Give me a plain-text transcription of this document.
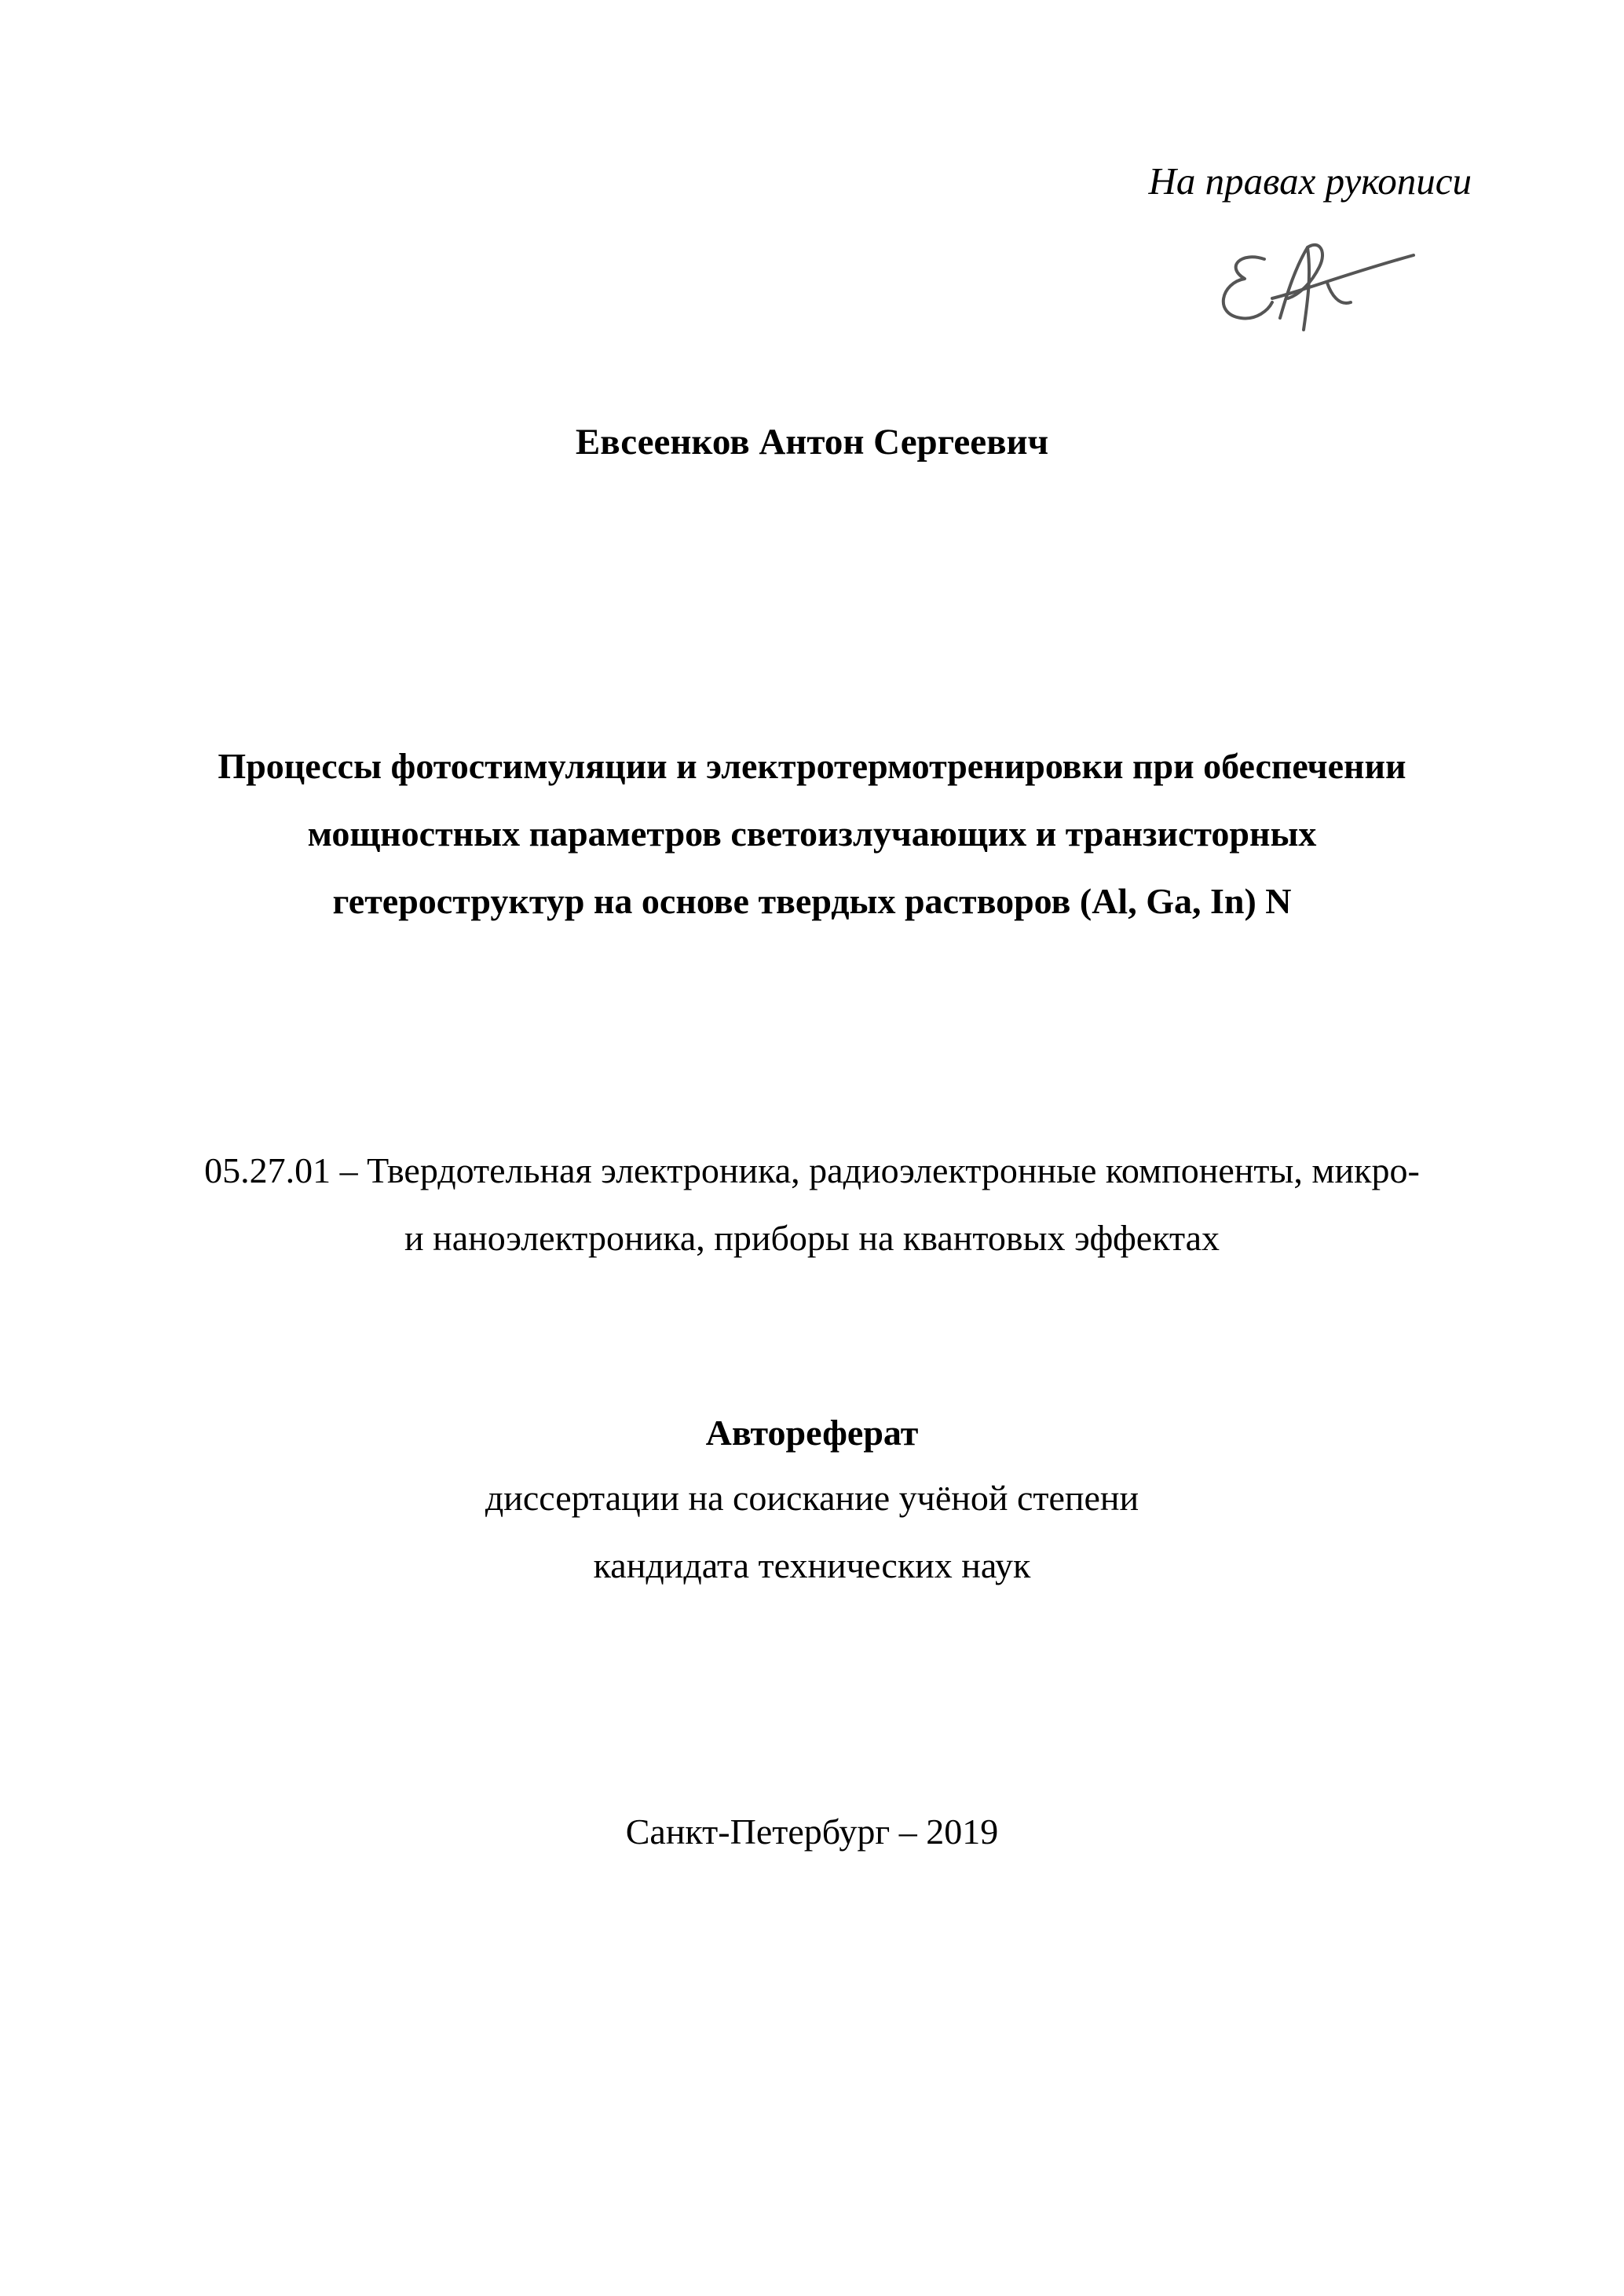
На правах рукописи
Евсеенков Антон Сергеевич
Процессы фотостимуляции и электротермотренировки при обеспечении
мощностных параметров светоизлучающих и транзисторных
гетероструктур на основе твердых растворов (Al, Ga, In) N
05.27.01 – Твердотельная электроника, радиоэлектронные компоненты, микро-
и наноэлектроника, приборы на квантовых эффектах
Автореферат
диссертации на соискание учёной степени
кандидата технических наук
Санкт-Петербург – 2019
